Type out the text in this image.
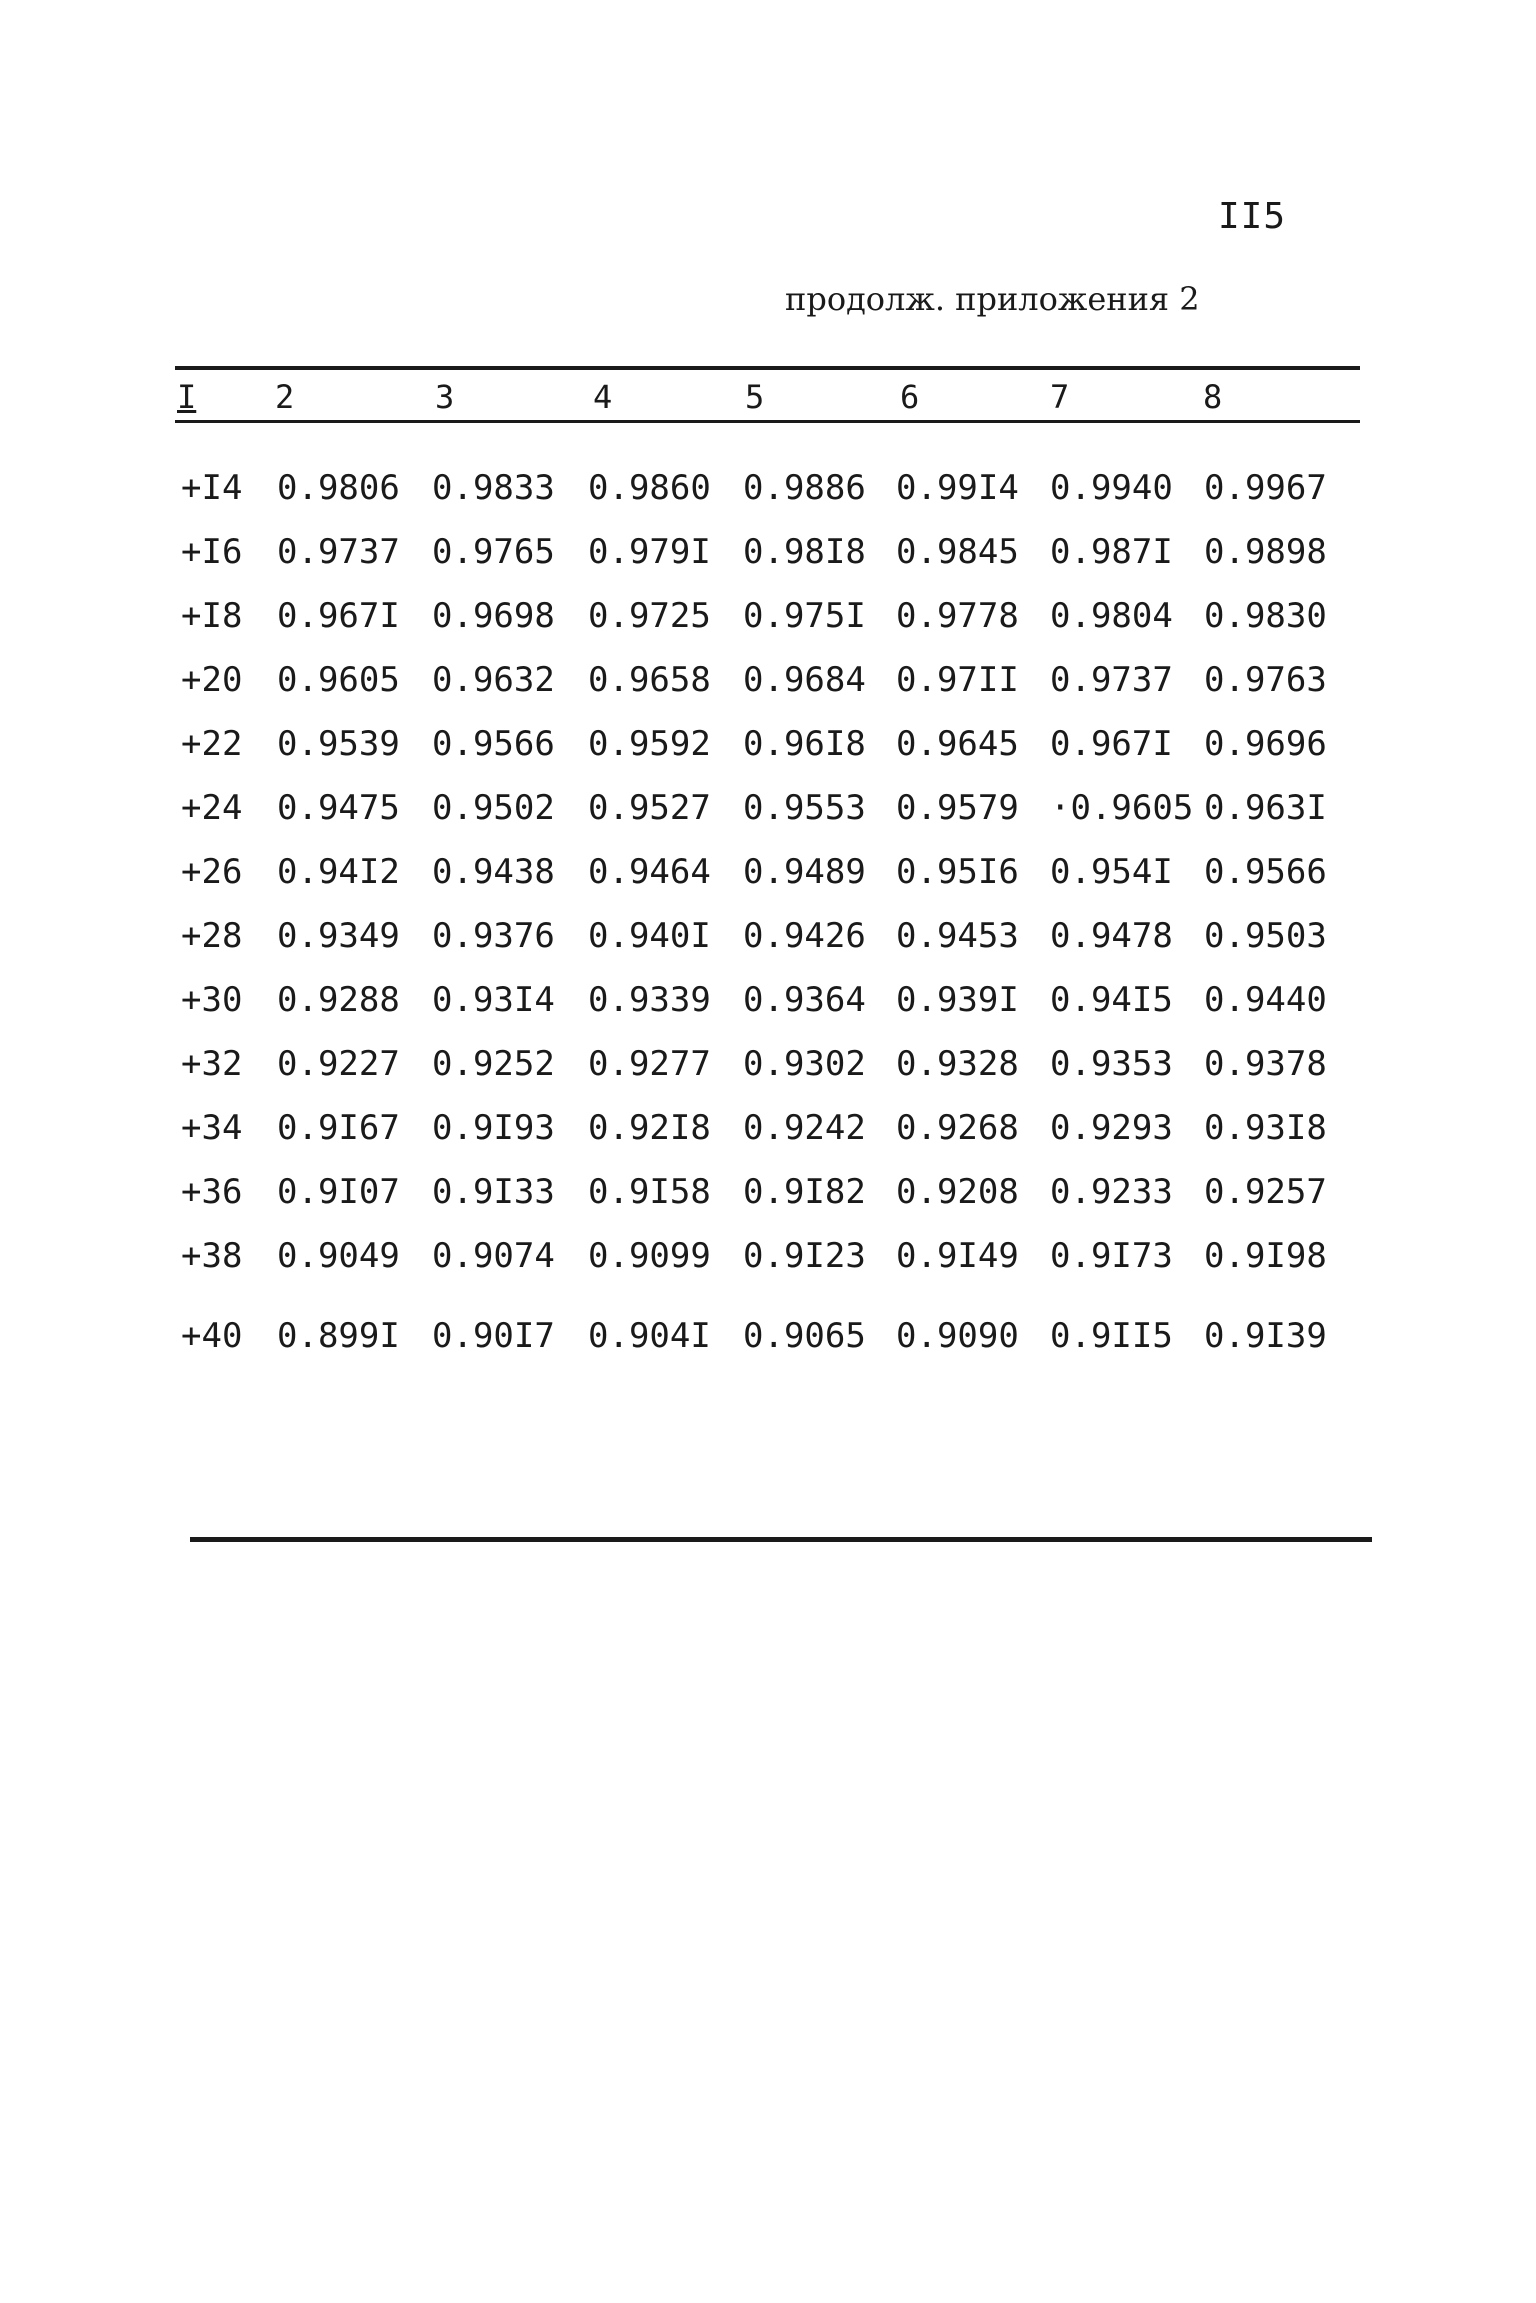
II5
продолж. приложения 2
I 2	3	4	5	6	7	8
+I4 0.9806 0.9833 0.9860 0.9886 0.99I4 0.9940 0.9967
+I6 0.9737 0.9765 0.979I 0.98I8 0.9845 0.987I 0.9898
+I8 0.967I 0.9698 0.9725 0.975I 0.9778 0.9804 0.9830
+20 0.9605 0.9632 0.9658 0.9684 0.97II 0.9737 0.9763
+22 0.9539 0.9566 0.9592 0.96I8 0.9645 0.967I 0.9696
+24 0.9475 0.9502 0.9527 0.9553 0.9579 ·0.9605 0.963I
+26 0.94I2 0.9438 0.9464 0.9489 0.95I6 0.954I 0.9566
+28 0.9349 0.9376 0.940I 0.9426 0.9453 0.9478 0.9503
+30 0.9288 0.93I4 0.9339 0.9364 0.939I 0.94I5 0.9440
+32 0.9227 0.9252 0.9277 0.9302 0.9328 0.9353 0.9378
+34 0.9I67 0.9I93 0.92I8 0.9242 0.9268 0.9293 0.93I8
+36 0.9I07 0.9I33 0.9I58 0.9I82 0.9208 0.9233 0.9257
+38 0.9049 0.9074 0.9099 0.9I23 0.9I49 0.9I73 0.9I98
+40 0.899I 0.90I7 0.904I 0.9065 0.9090 0.9II5 0.9I39
